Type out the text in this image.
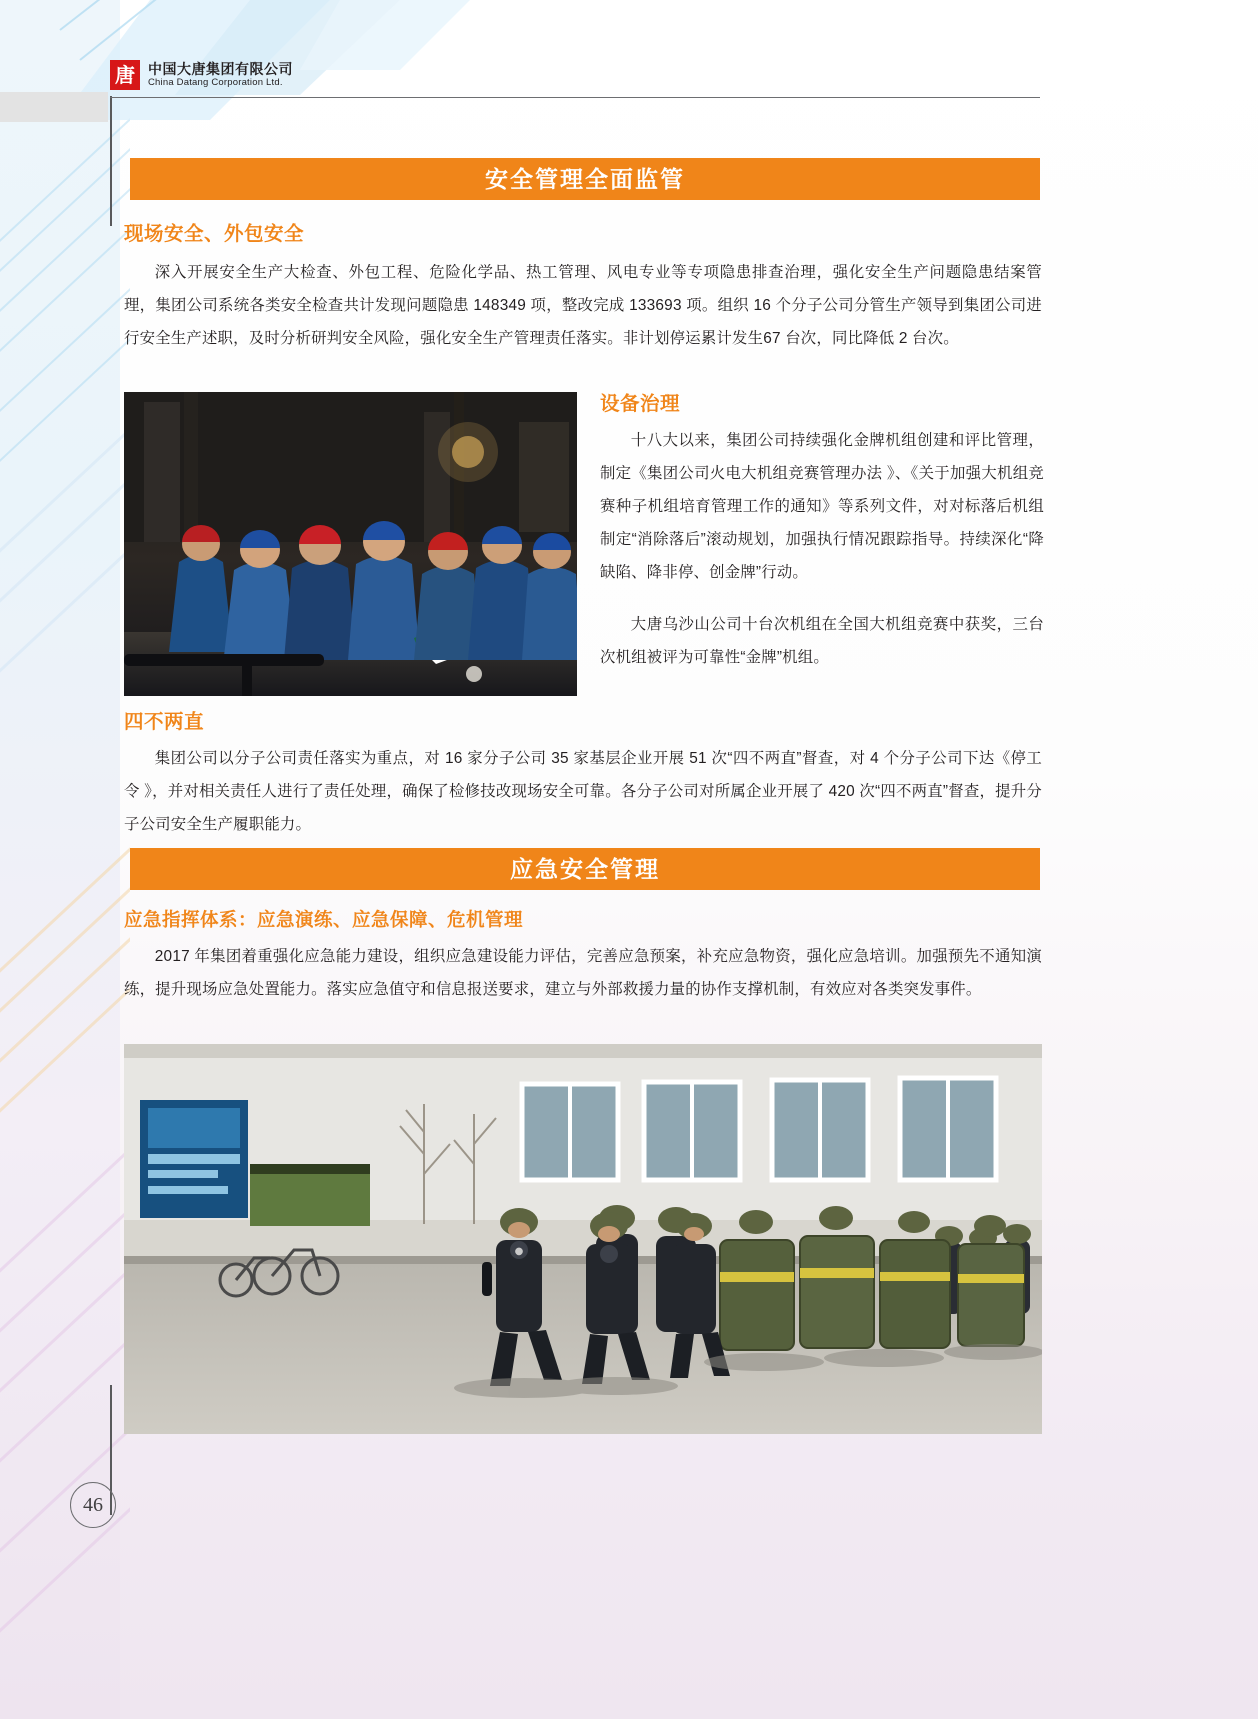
唐 中国大唐集团有限公司
China Datang Corporation Ltd.
安全管理全面监管
现场安全、外包安全
深入开展安全生产大检查、外包工程、危险化学品、热工管理、风电专业等专项隐患排查治理，强化安全生产问题隐患结案管理，集团公司系统各类安全检查共计发现问题隐患 148349 项，整改完成 133693 项。组织 16 个分子公司分管生产领导到集团公司进行安全生产述职，及时分析研判安全风险，强化安全生产管理责任落实。非计划停运累计发生67 台次，同比降低 2 台次。
设备治理
十八大以来，集团公司持续强化金牌机组创建和评比管理，制定《集团公司火电大机组竞赛管理办法 》、《关于加强大机组竞赛种子机组培育管理工作的通知》等系列文件，对对标落后机组制定“消除落后”滚动规划，加强执行情况跟踪指导。持续深化“降缺陷、降非停、创金牌”行动。
大唐乌沙山公司十台次机组在全国大机组竞赛中获奖，三台次机组被评为可靠性“金牌”机组。
四不两直
集团公司以分子公司责任落实为重点，对 16 家分子公司 35 家基层企业开展 51 次“四不两直”督查，对 4 个分子公司下达《停工令 》，并对相关责任人进行了责任处理，确保了检修技改现场安全可靠。各分子公司对所属企业开展了 420 次“四不两直”督查，提升分子公司安全生产履职能力。
应急安全管理
应急指挥体系：应急演练、应急保障、危机管理
2017 年集团着重强化应急能力建设，组织应急建设能力评估，完善应急预案，补充应急物资，强化应急培训。加强预先不通知演练，提升现场应急处置能力。落实应急值守和信息报送要求，建立与外部救援力量的协作支撑机制，有效应对各类突发事件。
●
46
